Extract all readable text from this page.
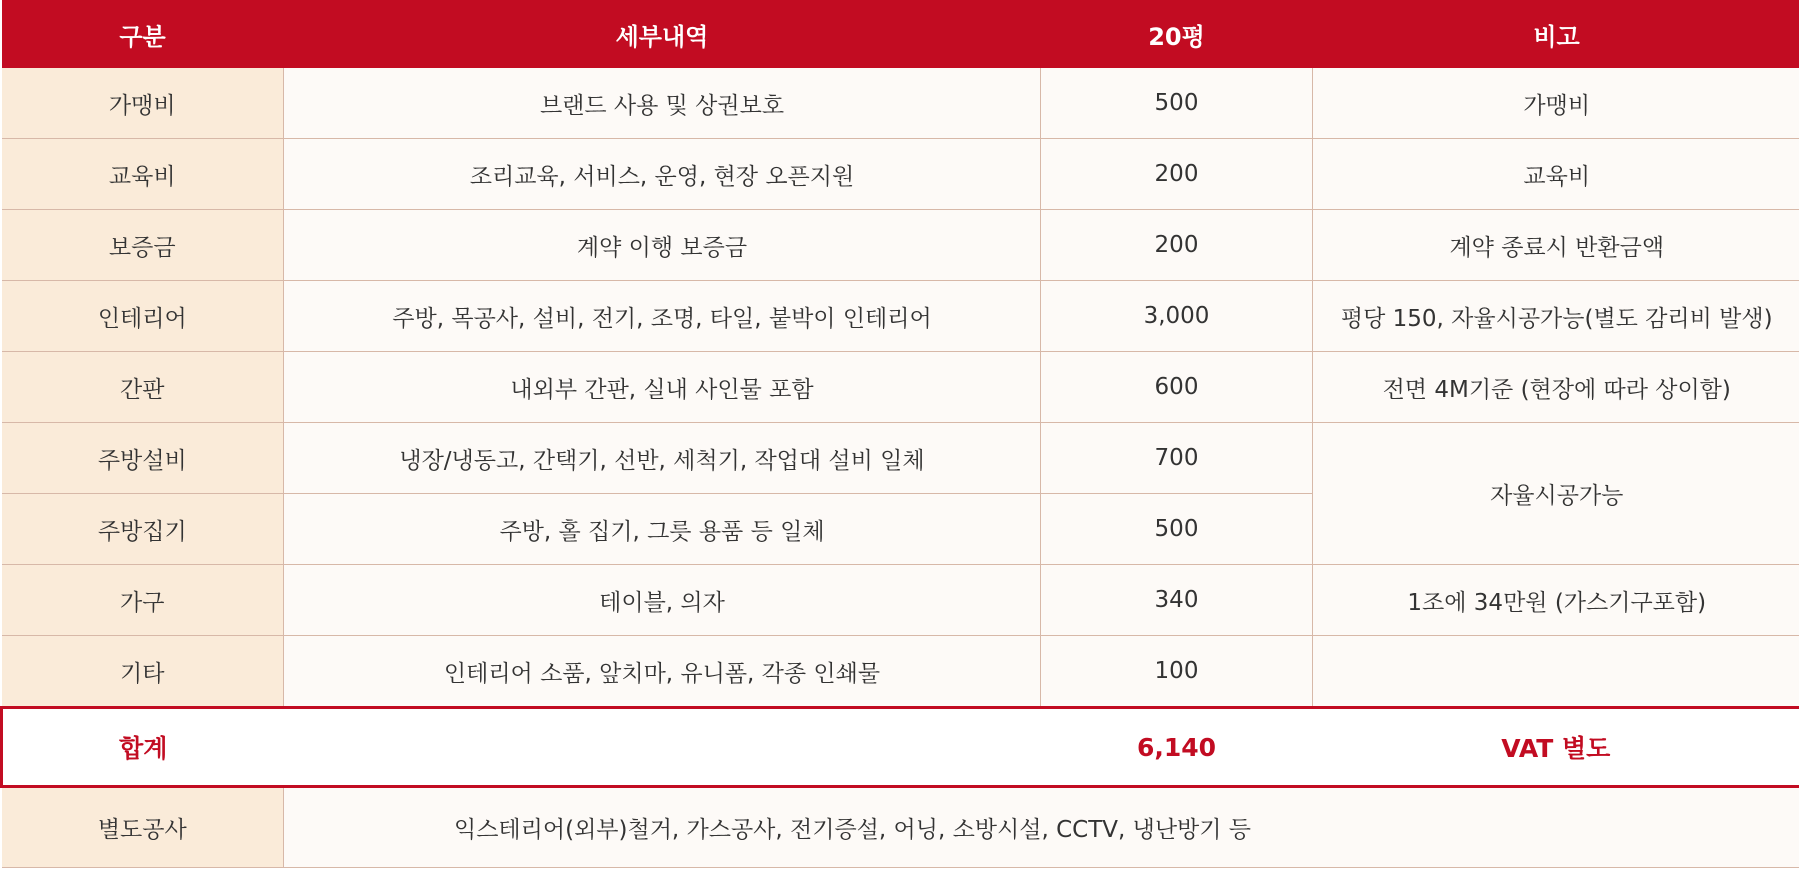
구분	세부내역	20평	비고
가맹비	브랜드 사용 및 상권보호	500	가맹비
교육비	조리교육, 서비스, 운영, 현장 오픈지원	200	교육비
보증금	계약 이행 보증금	200	계약 종료시 반환금액
인테리어	주방, 목공사, 설비, 전기, 조명, 타일, 붙박이 인테리어	3,000	평당 150, 자율시공가능(별도 감리비 발생)
간판	내외부 간판, 실내 사인물 포함	600	전면 4M기준 (현장에 따라 상이함)
주방설비	냉장/냉동고, 간택기, 선반, 세척기, 작업대 설비 일체	700	자율시공가능
주방집기	주방, 홀 집기, 그릇 용품 등 일체	500	
가구	테이블, 의자	340	1조에 34만원 (가스기구포함)
기타	인테리어 소품, 앞치마, 유니폼, 각종 인쇄물	100	
합계		6,140	VAT 별도
별도공사	익스테리어(외부)철거, 가스공사, 전기증설, 어닝, 소방시설, CCTV, 냉난방기 등		
